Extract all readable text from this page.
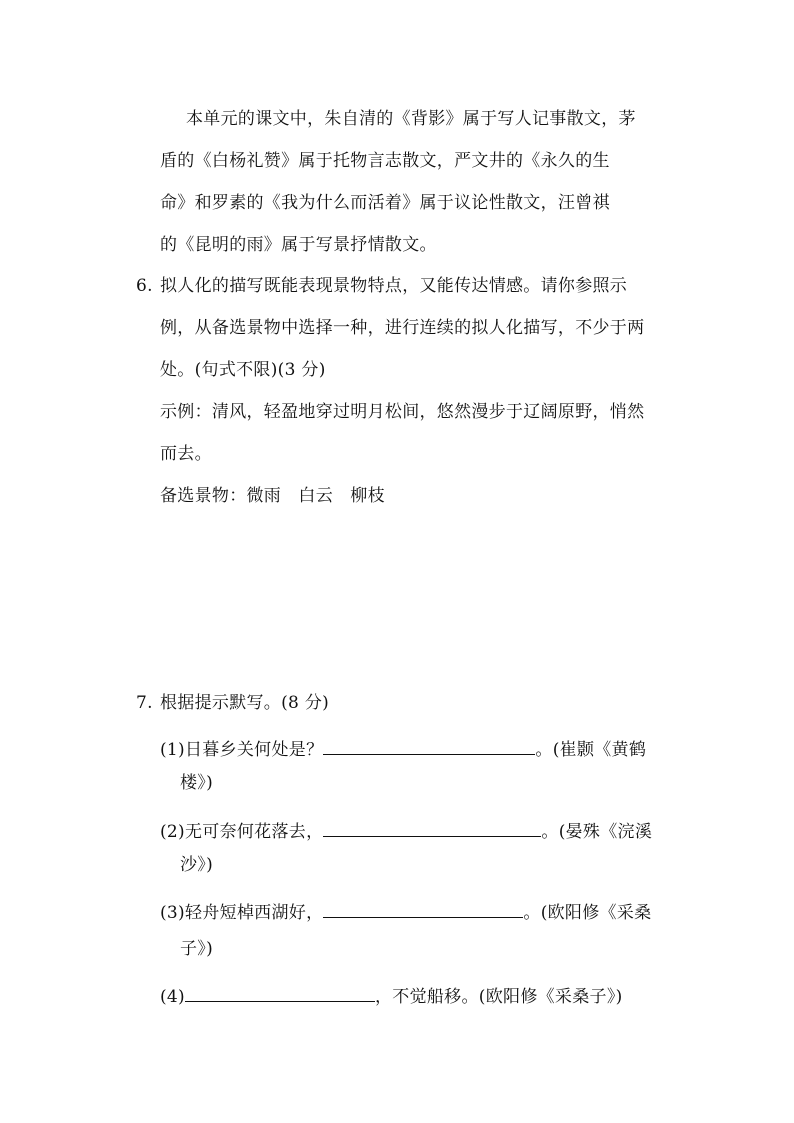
本单元的课文中，朱自清的《背影》属于写人记事散文，茅
盾的《白杨礼赞》属于托物言志散文，严文井的《永久的生
命》和罗素的《我为什么而活着》属于议论性散文，汪曾祺
的《昆明的雨》属于写景抒情散文。
6. 拟人化的描写既能表现景物特点，又能传达情感。请你参照示
例，从备选景物中选择一种，进行连续的拟人化描写，不少于两
处。(句式不限)(3 分)
示例：清风，轻盈地穿过明月松间，悠然漫步于辽阔原野，悄然
而去。
备选景物：微雨　白云　柳枝
7. 根据提示默写。(8 分)
(1)日暮乡关何处是？	。(崔颢《黄鹤
楼》)
(2)无可奈何花落去，	。(晏殊《浣溪
沙》)
(3)轻舟短棹西湖好，	。(欧阳修《采桑
子》)
(4)	，不觉船移。(欧阳修《采桑子》)
